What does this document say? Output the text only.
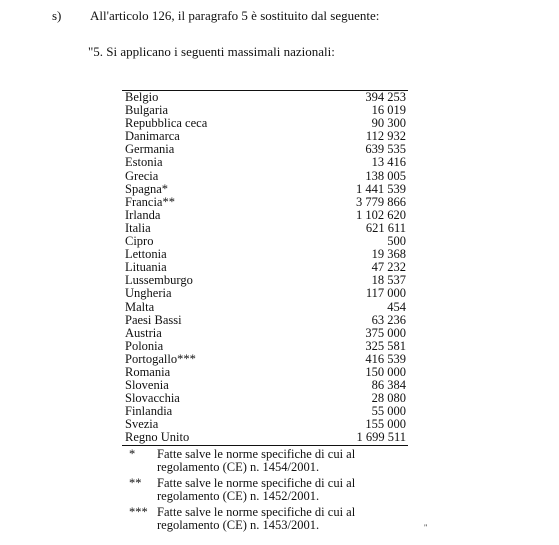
s) All'articolo 126, il paragrafo 5 è sostituito dal seguente:
"5. Si applicano i seguenti massimali nazionali:
Belgio	394 253
Bulgaria	16 019
Repubblica ceca	90 300
Danimarca	112 932
Germania	639 535
Estonia	13 416
Grecia	138 005
Spagna*	1 441 539
Francia**	3 779 866
Irlanda	1 102 620
Italia	621 611
Cipro	500
Lettonia	19 368
Lituania	47 232
Lussemburgo	18 537
Ungheria	117 000
Malta	454
Paesi Bassi	63 236
Austria	375 000
Polonia	325 581
Portogallo***	416 539
Romania	150 000
Slovenia	86 384
Slovacchia	28 080
Finlandia	55 000
Svezia	155 000
Regno Unito	1 699 511
*	Fatte salve le norme specifiche di cui al regolamento (CE) n. 1454/2001.
**	Fatte salve le norme specifiche di cui al regolamento (CE) n. 1452/2001.
*** Fatte salve le norme specifiche di cui al regolamento (CE) n. 1453/2001.	"
